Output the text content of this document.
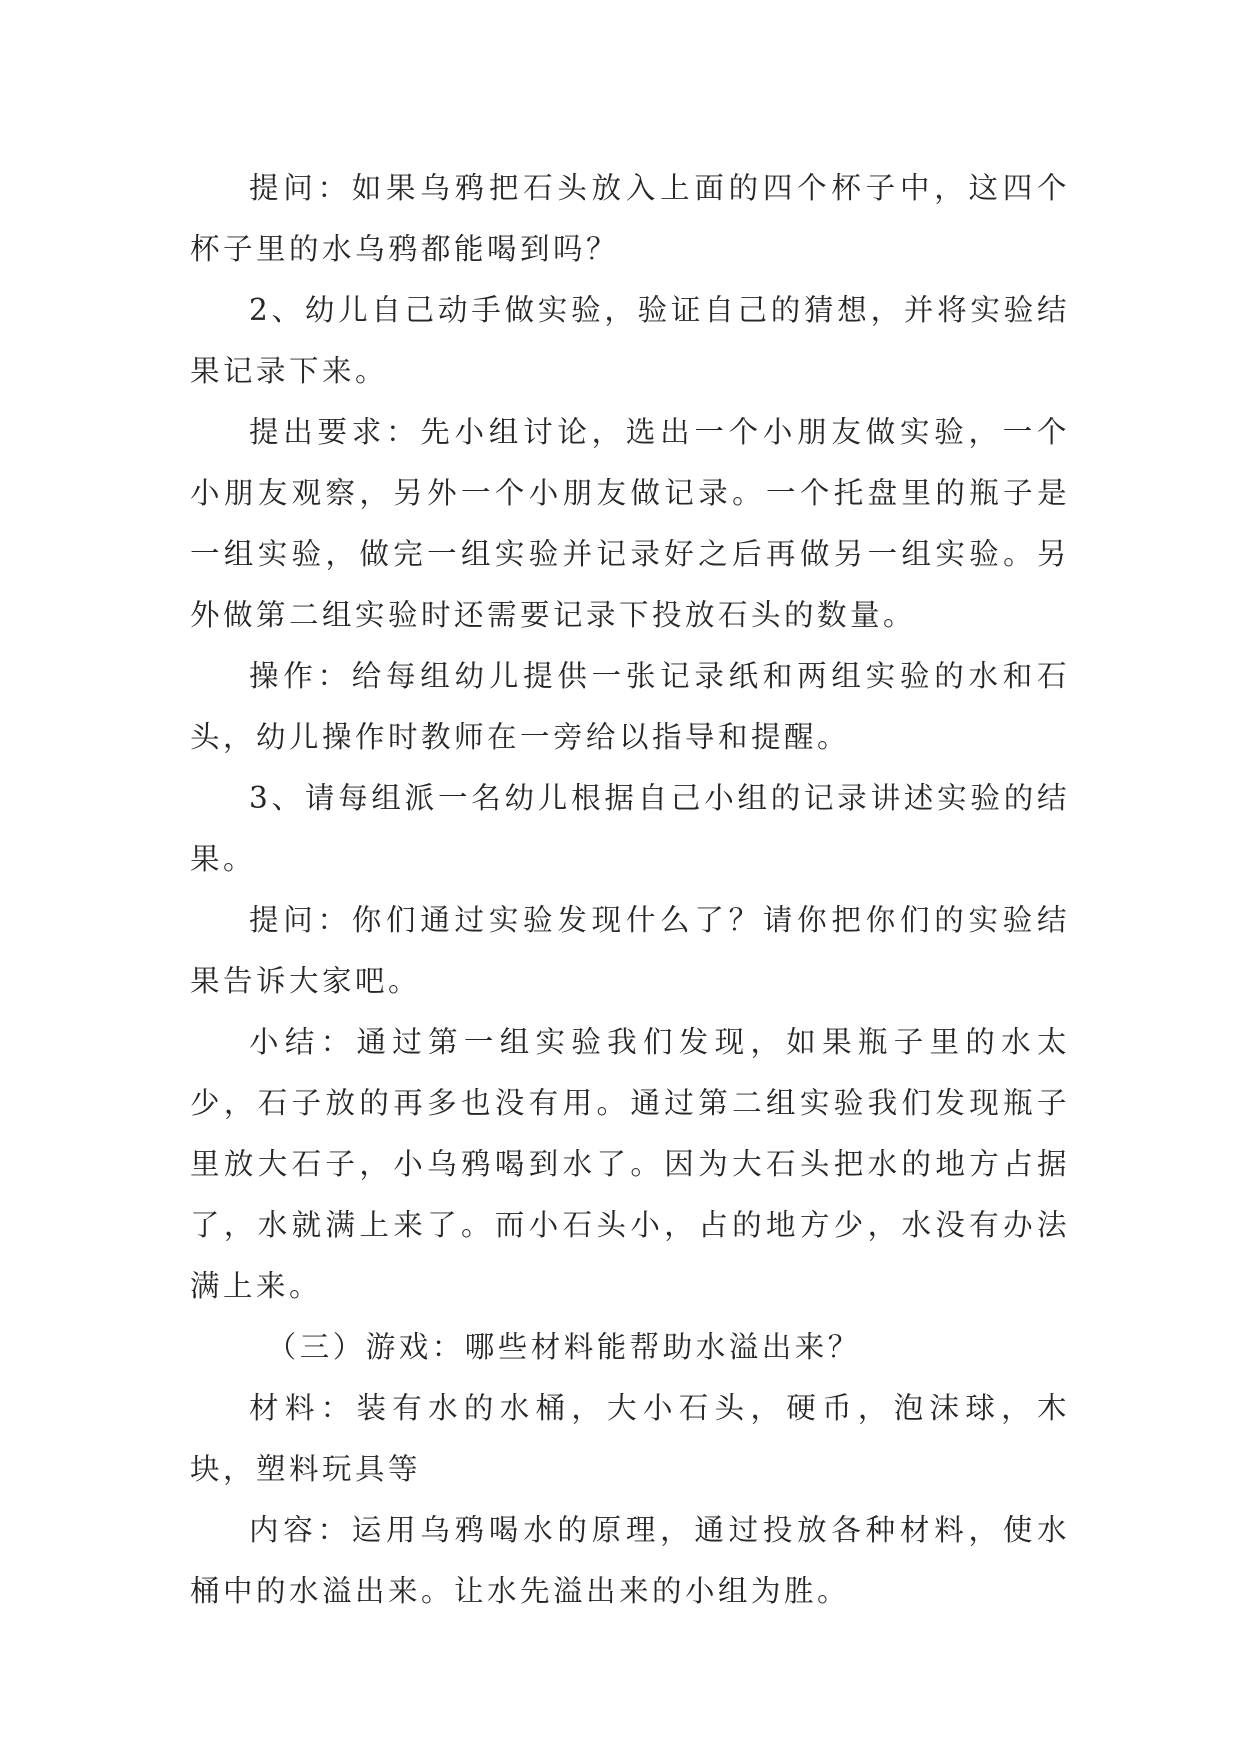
提问：如果乌鸦把石头放入上面的四个杯子中，这四个杯子里的水乌鸦都能喝到吗？

2、幼儿自己动手做实验，验证自己的猜想，并将实验结果记录下来。

提出要求：先小组讨论，选出一个小朋友做实验，一个小朋友观察，另外一个小朋友做记录。一个托盘里的瓶子是一组实验，做完一组实验并记录好之后再做另一组实验。另外做第二组实验时还需要记录下投放石头的数量。

操作：给每组幼儿提供一张记录纸和两组实验的水和石头，幼儿操作时教师在一旁给以指导和提醒。

3、请每组派一名幼儿根据自己小组的记录讲述实验的结果。

提问：你们通过实验发现什么了？请你把你们的实验结果告诉大家吧。

小结：通过第一组实验我们发现，如果瓶子里的水太少，石子放的再多也没有用。通过第二组实验我们发现瓶子里放大石子，小乌鸦喝到水了。因为大石头把水的地方占据了，水就满上来了。而小石头小，占的地方少，水没有办法满上来。

（三）游戏：哪些材料能帮助水溢出来？

材料：装有水的水桶，大小石头，硬币，泡沫球，木块，塑料玩具等

内容：运用乌鸦喝水的原理，通过投放各种材料，使水桶中的水溢出来。让水先溢出来的小组为胜。
